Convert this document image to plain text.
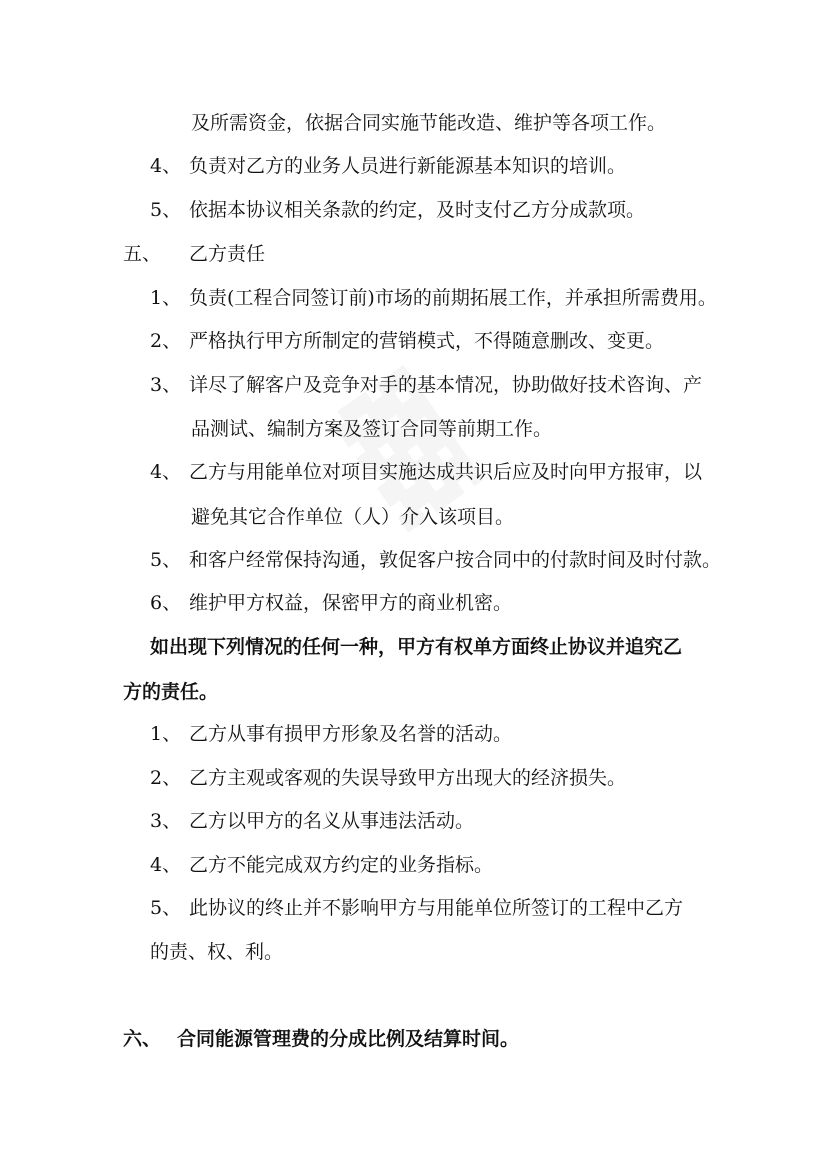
及所需资金，依据合同实施节能改造、维护等各项工作。
4、 负责对乙方的业务人员进行新能源基本知识的培训。
5、 依据本协议相关条款的约定，及时支付乙方分成款项。
五、 乙方责任
1、 负责(工程合同签订前)市场的前期拓展工作，并承担所需费用。
2、 严格执行甲方所制定的营销模式，不得随意删改、变更。
3、 详尽了解客户及竞争对手的基本情况，协助做好技术咨询、产
品测试、编制方案及签订合同等前期工作。
4、 乙方与用能单位对项目实施达成共识后应及时向甲方报审，以
避免其它合作单位（人）介入该项目。
5、 和客户经常保持沟通，敦促客户按合同中的付款时间及时付款。
6、 维护甲方权益，保密甲方的商业机密。
如出现下列情况的任何一种，甲方有权单方面终止协议并追究乙
方的责任。
1、 乙方从事有损甲方形象及名誉的活动。
2、 乙方主观或客观的失误导致甲方出现大的经济损失。
3、 乙方以甲方的名义从事违法活动。
4、 乙方不能完成双方约定的业务指标。
5、 此协议的终止并不影响甲方与用能单位所签订的工程中乙方
的责、权、利。
六、 合同能源管理费的分成比例及结算时间。
